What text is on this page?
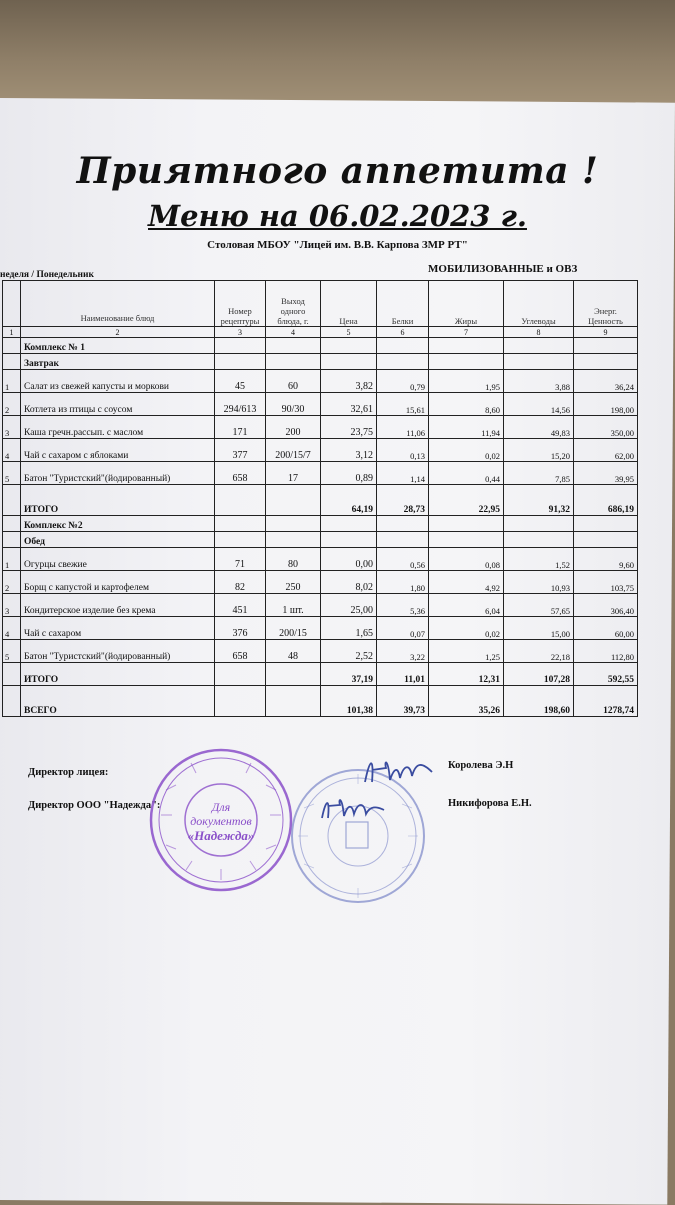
Приятного аппетита !
Меню на 06.02.2023 г.
Столовая МБОУ "Лицей им. В.В. Карпова ЗМР РТ"
неделя / Понедельник	МОБИЛИЗОВАННЫЕ и ОВЗ
	Наименование блюд	Номер рецептуры	Выход одного блюда, г.	Цена	Белки	Жиры	Углеводы	Энерг. Ценность
1	2	3	4	5	6	7	8	9
	Комплекс № 1							
	Завтрак							
1	Салат из свежей капусты и моркови	45	60	3,82	0,79	1,95	3,88	36,24
2	Котлета из птицы с соусом	294/613	90/30	32,61	15,61	8,60	14,56	198,00
3	Каша гречн.рассып. с маслом	171	200	23,75	11,06	11,94	49,83	350,00
4	Чай с сахаром с яблоками	377	200/15/7	3,12	0,13	0,02	15,20	62,00
5	Батон "Туристский"(йодированный)	658	17	0,89	1,14	0,44	7,85	39,95
	ИТОГО			64,19	28,73	22,95	91,32	686,19
	Комплекс №2							
	Обед							
1	Огурцы свежие	71	80	0,00	0,56	0,08	1,52	9,60
2	Борщ с капустой и картофелем	82	250	8,02	1,80	4,92	10,93	103,75
3	Кондитерское изделие без крема	451	1 шт.	25,00	5,36	6,04	57,65	306,40
4	Чай с сахаром	376	200/15	1,65	0,07	0,02	15,00	60,00
5	Батон "Туристский"(йодированный)	658	48	2,52	3,22	1,25	22,18	112,80
	ИТОГО			37,19	11,01	12,31	107,28	592,55
	ВСЕГО			101,38	39,73	35,26	198,60	1278,74
Директор лицея:
Королева Э.Н
Директор ООО "Надежда":	Никифорова Е.Н.
Для
документов
«Надежда»
